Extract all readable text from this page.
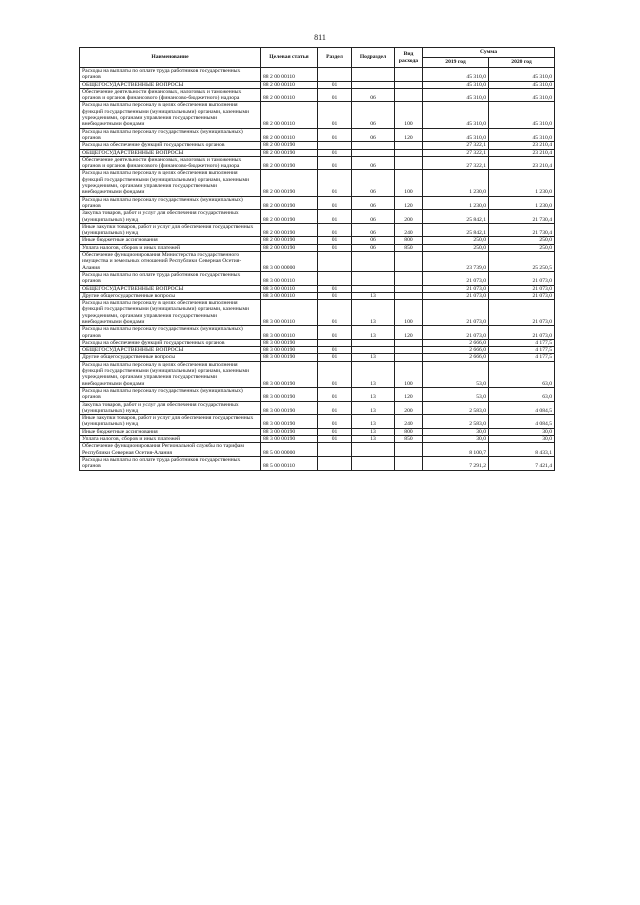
811
Наименование	Целевая статья	Раздел	Подраздел	Вид расхода	Сумма	
					2019 год	2020 год
Расходы на выплаты по оплате труда работников государственных органов	88 2 00 00110				45 310,0	45 310,0
ОБЩЕГОСУДАРСТВЕННЫЕ ВОПРОСЫ	88 2 00 00110	01			45 310,0	45 310,0
Обеспечение деятельности финансовых, налоговых и таможенных органов и органов финансового (финансово-бюджетного) надзора	88 2 00 00110	01	06		45 310,0	45 310,0
Расходы на выплаты персоналу в целях обеспечения выполнения функций государственными (муниципальными) органами, казенными учреждениями, органами управления государственными внебюджетными фондами	88 2 00 00110	01	06	100	45 310,0	45 310,0
Расходы на выплаты персоналу государственных (муниципальных) органов	88 2 00 00110	01	06	120	45 310,0	45 310,0
Расходы на обеспечение функций государственных органов	88 2 00 00190				27 322,1	23 210,4
ОБЩЕГОСУДАРСТВЕННЫЕ ВОПРОСЫ	88 2 00 00190	01			27 322,1	23 210,4
Обеспечение деятельности финансовых, налоговых и таможенных органов и органов финансового (финансово-бюджетного) надзора	88 2 00 00190	01	06		27 322,1	23 210,4
Расходы на выплаты персоналу в целях обеспечения выполнения функций государственными (муниципальными) органами, казенными учреждениями, органами управления государственными внебюджетными фондами	88 2 00 00190	01	06	100	1 230,0	1 230,0
Расходы на выплаты персоналу государственных (муниципальных) органов	88 2 00 00190	01	06	120	1 230,0	1 230,0
Закупка товаров, работ и услуг для обеспечения государственных (муниципальных) нужд	88 2 00 00190	01	06	200	25 842,1	21 730,4
Иные закупки товаров, работ и услуг для обеспечения государственных (муниципальных) нужд	88 2 00 00190	01	06	240	25 842,1	21 730,4
Иные бюджетные ассигнования	88 2 00 00190	01	06	800	250,0	250,0
Уплата налогов, сборов и иных платежей	88 2 00 00190	01	06	850	250,0	250,0
Обеспечение функционирования Министерства государственного имущества и земельных отношений Республики Северная Осетия-Алания	88 3 00 00000				23 739,0	25 250,5
Расходы на выплаты по оплате труда работников государственных органов	88 3 00 00110				21 073,0	21 073,0
ОБЩЕГОСУДАРСТВЕННЫЕ ВОПРОСЫ	88 3 00 00110	01			21 073,0	21 073,0
Другие общегосударственные вопросы	88 3 00 00110	01	13		21 073,0	21 073,0
Расходы на выплаты персоналу в целях обеспечения выполнения функций государственными (муниципальными) органами, казенными учреждениями, органами управления государственными внебюджетными фондами	88 3 00 00110	01	13	100	21 073,0	21 073,0
Расходы на выплаты персоналу государственных (муниципальных) органов	88 3 00 00110	01	13	120	21 073,0	21 073,0
Расходы на обеспечение функций государственных органов	88 3 00 00190				2 666,0	4 177,5
ОБЩЕГОСУДАРСТВЕННЫЕ ВОПРОСЫ	88 3 00 00190	01			2 666,0	4 177,5
Другие общегосударственные вопросы	88 3 00 00190	01	13		2 666,0	4 177,5
Расходы на выплаты персоналу в целях обеспечения выполнения функций государственными (муниципальными) органами, казенными учреждениями, органами управления государственными внебюджетными фондами	88 3 00 00190	01	13	100	53,0	63,0
Расходы на выплаты персоналу государственных (муниципальных) органов	88 3 00 00190	01	13	120	53,0	63,0
Закупка товаров, работ и услуг для обеспечения государственных (муниципальных) нужд	88 3 00 00190	01	13	200	2 583,0	4 084,5
Иные закупки товаров, работ и услуг для обеспечения государственных (муниципальных) нужд	88 3 00 00190	01	13	240	2 583,0	4 084,5
Иные бюджетные ассигнования	88 3 00 00190	01	13	800	30,0	30,0
Уплата налогов, сборов и иных платежей	88 3 00 00190	01	13	850	30,0	30,0
Обеспечение функционирования Региональной службы по тарифам Республики Северная Осетия-Алания	88 5 00 00000				8 100,7	8 433,1
Расходы на выплаты по оплате труда работников государственных органов	88 5 00 00110				7 291,2	7 421,4
